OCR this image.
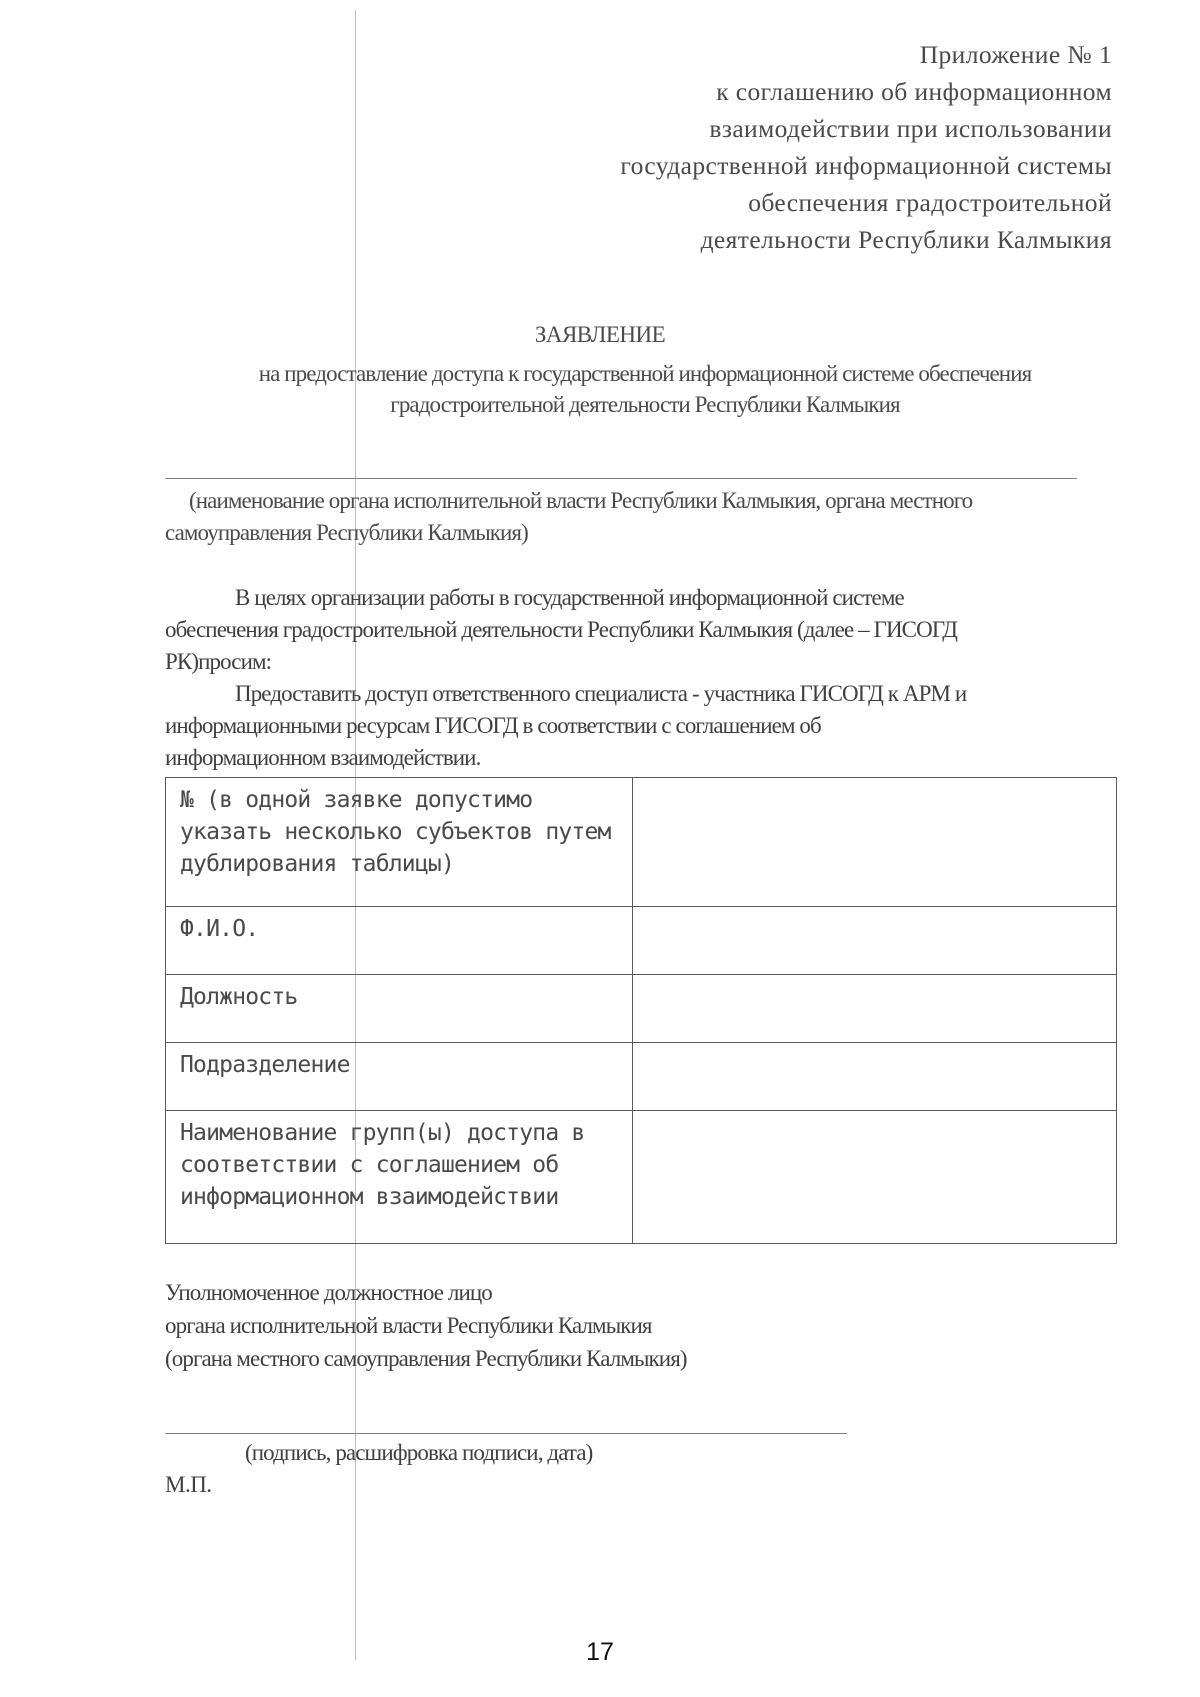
Приложение № 1
к соглашению об информационном
взаимодействии при использовании
государственной информационной системы
обеспечения градостроительной
деятельности Республики Калмыкия
ЗАЯВЛЕНИЕ
на предоставление доступа к государственной информационной системе обеспечения
градостроительной деятельности Республики Калмыкия
(наименование органа исполнительной власти Республики Калмыкия, органа местного
самоуправления Республики Калмыкия)
В целях организации работы в государственной информационной системе
обеспечения градостроительной деятельности Республики Калмыкия (далее – ГИСОГД
РК)просим:
Предоставить доступ ответственного специалиста - участника ГИСОГД к АРМ и
информационными ресурсам ГИСОГД в соответствии с соглашением об
информационном взаимодействии.
№ (в одной заявке допустимо
указать несколько субъектов путем
дублирования таблицы)	

Ф.И.О.	

Должность	

Подразделение	

Наименование групп(ы) доступа в
соответствии с соглашением об
информационном взаимодействии	

Уполномоченное должностное лицо
органа исполнительной власти Республики Калмыкия
(органа местного самоуправления Республики Калмыкия)
(подпись, расшифровка подписи, дата)
М.П.
17
